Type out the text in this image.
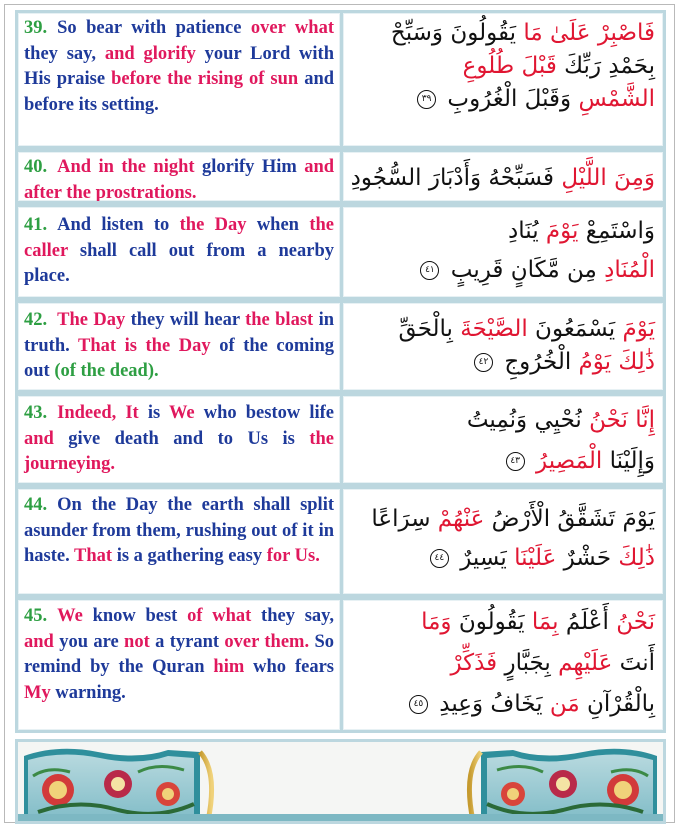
39. So bear with patience over what they say, and glorify your Lord with His praise before the rising of sun and before its setting.

فَاصْبِرْ عَلَىٰ مَا يَقُولُونَ وَسَبِّحْ
بِحَمْدِ رَبِّكَ قَبْلَ طُلُوعِ
الشَّمْسِ وَقَبْلَ الْغُرُوبِ ٣٩

40. And in the night glorify Him and after the prostrations.

وَمِنَ اللَّيْلِ فَسَبِّحْهُ وَأَدْبَارَ السُّجُودِ

41. And listen to the Day when the caller shall call out from a nearby place.

وَاسْتَمِعْ يَوْمَ يُنَادِ
الْمُنَادِ مِن مَّكَانٍ قَرِيبٍ ٤١

42. The Day they will hear the blast in truth. That is the Day of the coming out (of the dead).

يَوْمَ يَسْمَعُونَ الصَّيْحَةَ بِالْحَقِّ
ذَٰلِكَ يَوْمُ الْخُرُوجِ ٤٢

43. Indeed, It is We who bestow life and give death and to Us is the journeying.

إِنَّا نَحْنُ نُحْيِي وَنُمِيتُ
وَإِلَيْنَا الْمَصِيرُ ٤٣

44. On the Day the earth shall split asunder from them, rushing out of it in haste. That is a gathering easy for Us.

يَوْمَ تَشَقَّقُ الْأَرْضُ عَنْهُمْ سِرَاعًا
ذَٰلِكَ حَشْرٌ عَلَيْنَا يَسِيرٌ ٤٤

45. We know best of what they say, and you are not a tyrant over them. So remind by the Quran him who fears My warning.

نَحْنُ أَعْلَمُ بِمَا يَقُولُونَ وَمَا
أَنتَ عَلَيْهِم بِجَبَّارٍ فَذَكِّرْ
بِالْقُرْآنِ مَن يَخَافُ وَعِيدِ ٤٥
